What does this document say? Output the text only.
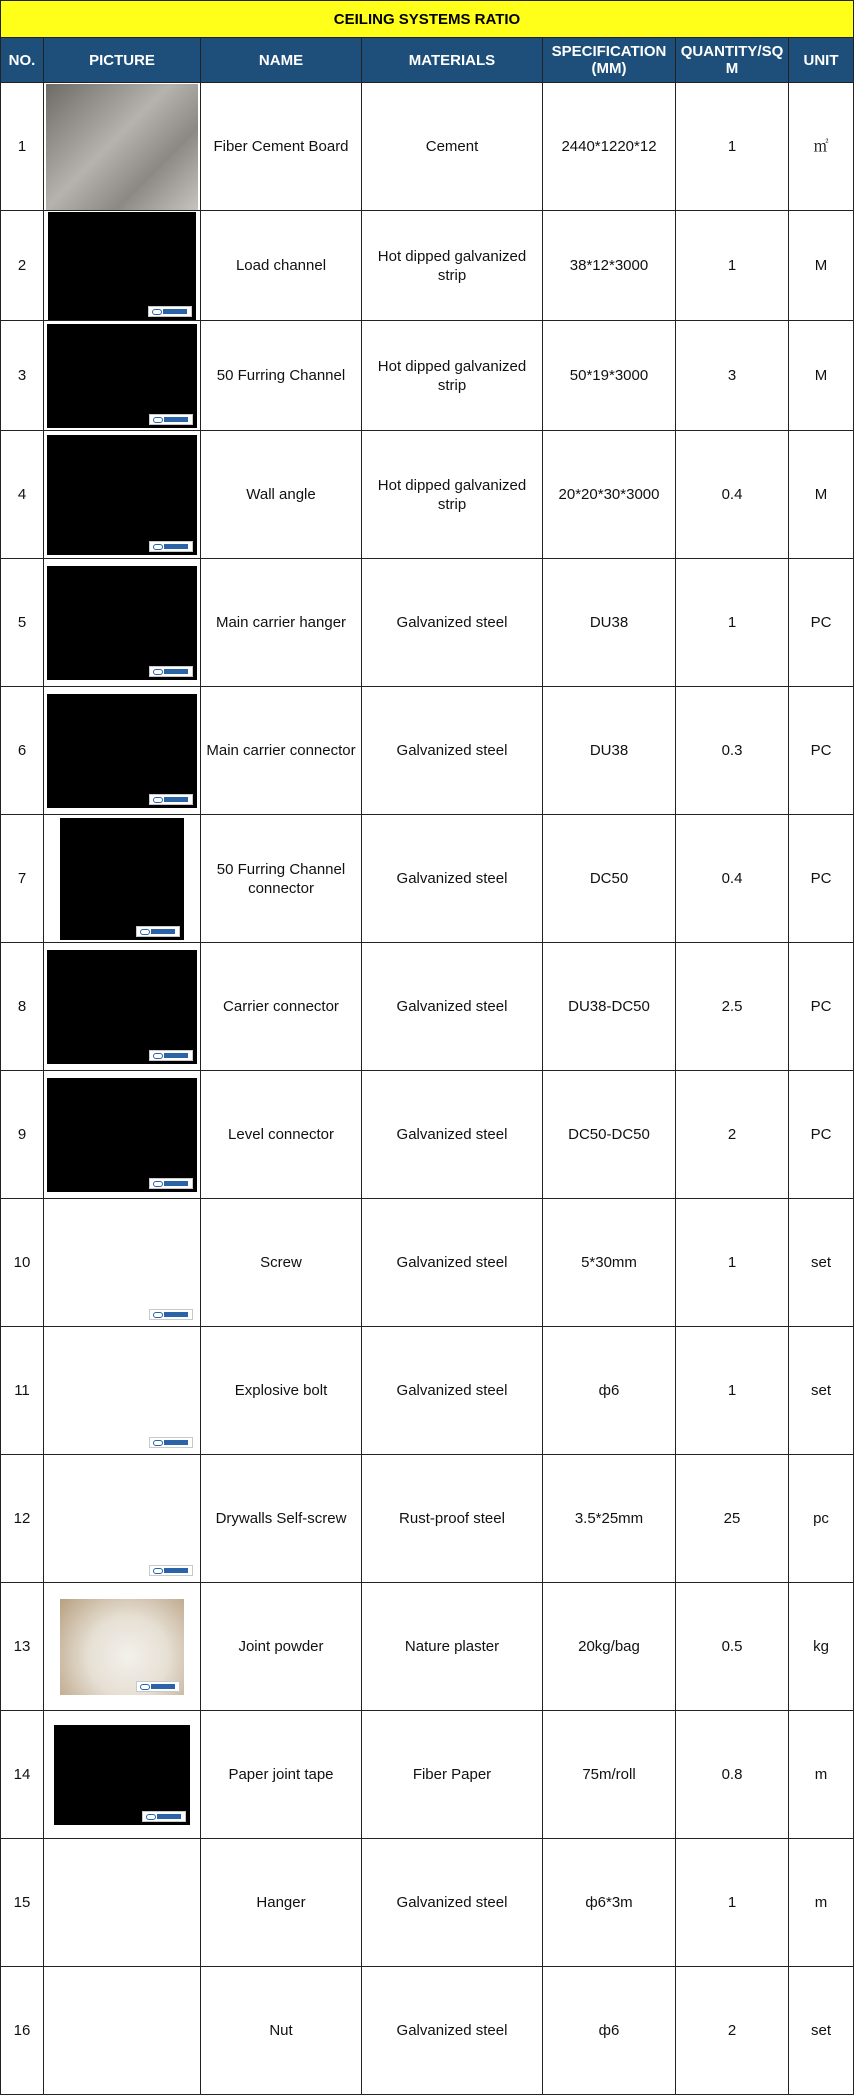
CEILING SYSTEMS RATIO						
NO.	PICTURE	NAME	MATERIALS	SPECIFICATION (MM)	QUANTITY/SQ M	UNIT
1		Fiber Cement Board	Cement	2440*1220*12	1	㎡
2		Load channel	Hot dipped galvanized strip	38*12*3000	1	M
3		50 Furring Channel	Hot dipped galvanized strip	50*19*3000	3	M
4		Wall angle	Hot dipped galvanized strip	20*20*30*3000	0.4	M
5		Main carrier hanger	Galvanized steel	DU38	1	PC
6		Main carrier connector	Galvanized steel	DU38	0.3	PC
7		50 Furring Channel connector	Galvanized steel	DC50	0.4	PC
8		Carrier connector	Galvanized steel	DU38-DC50	2.5	PC
9		Level connector	Galvanized steel	DC50-DC50	2	PC
10		Screw	Galvanized steel	5*30mm	1	set
11		Explosive bolt	Galvanized steel	ф6	1	set
12		Drywalls Self-screw	Rust-proof steel	3.5*25mm	25	pc
13		Joint powder	Nature plaster	20kg/bag	0.5	kg
14		Paper joint tape	Fiber Paper	75m/roll	0.8	m
15		Hanger	Galvanized steel	ф6*3m	1	m
16		Nut	Galvanized steel	ф6	2	set
